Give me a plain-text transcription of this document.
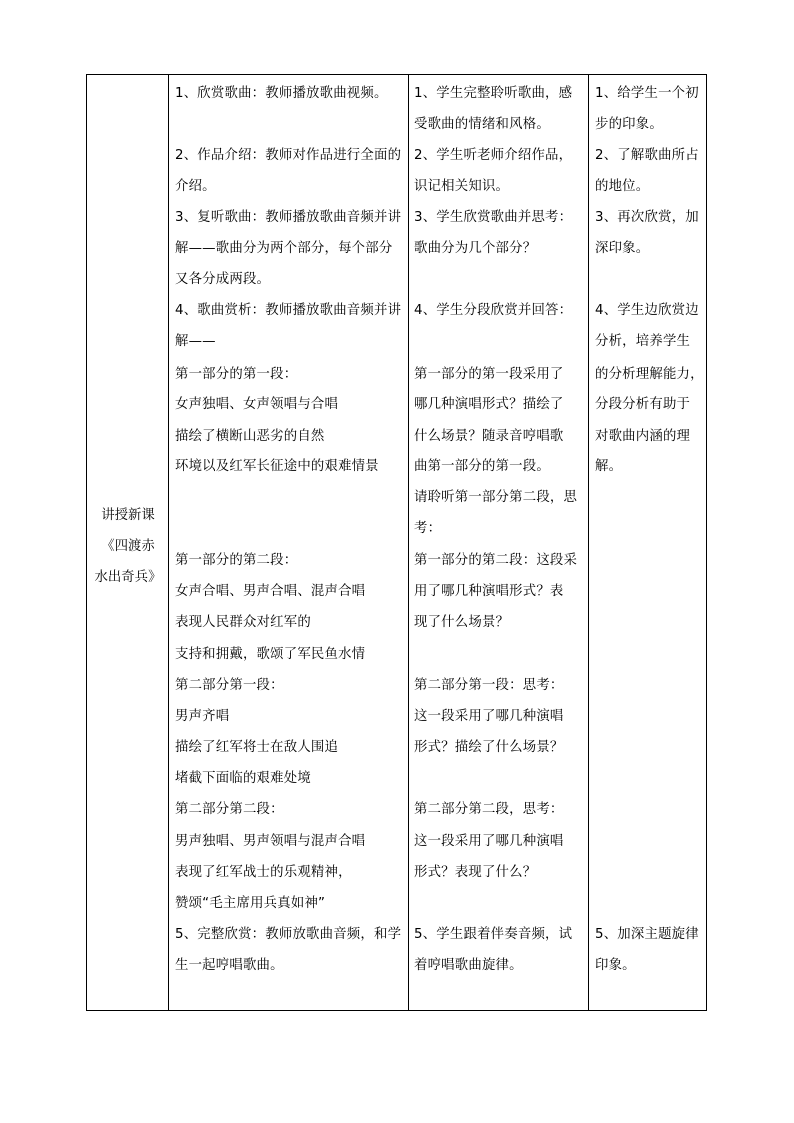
讲授新课
《四渡赤
水出奇兵》
1、欣赏歌曲：教师播放歌曲视频。
2、作品介绍：教师对作品进行全面的
介绍。
3、复听歌曲：教师播放歌曲音频并讲
解——歌曲分为两个部分，每个部分
又各分成两段。
4、歌曲赏析：教师播放歌曲音频并讲
解——
第一部分的第一段：
女声独唱、女声领唱与合唱
描绘了横断山恶劣的自然
环境以及红军长征途中的艰难情景
第一部分的第二段：
女声合唱、男声合唱、混声合唱
表现人民群众对红军的
支持和拥戴，歌颂了军民鱼水情
第二部分第一段：
男声齐唱
描绘了红军将士在敌人围追
堵截下面临的艰难处境
第二部分第二段：
男声独唱、男声领唱与混声合唱
表现了红军战士的乐观精神，
赞颂“毛主席用兵真如神”
5、完整欣赏：教师放歌曲音频，和学
生一起哼唱歌曲。
1、学生完整聆听歌曲，感
受歌曲的情绪和风格。
2、学生听老师介绍作品，
识记相关知识。
3、学生欣赏歌曲并思考：
歌曲分为几个部分？
4、学生分段欣赏并回答：
第一部分的第一段采用了
哪几种演唱形式？描绘了
什么场景？随录音哼唱歌
曲第一部分的第一段。
请聆听第一部分第二段，思
考：
第一部分的第二段：这段采
用了哪几种演唱形式？表
现了什么场景？
第二部分第一段：思考：
这一段采用了哪几种演唱
形式？描绘了什么场景？
第二部分第二段，思考：
这一段采用了哪几种演唱
形式？表现了什么？
5、学生跟着伴奏音频，试
着哼唱歌曲旋律。
1、给学生一个初
步的印象。
2、了解歌曲所占
的地位。
3、再次欣赏，加
深印象。
4、学生边欣赏边
分析，培养学生
的分析理解能力，
分段分析有助于
对歌曲内涵的理
解。
5、加深主题旋律
印象。
